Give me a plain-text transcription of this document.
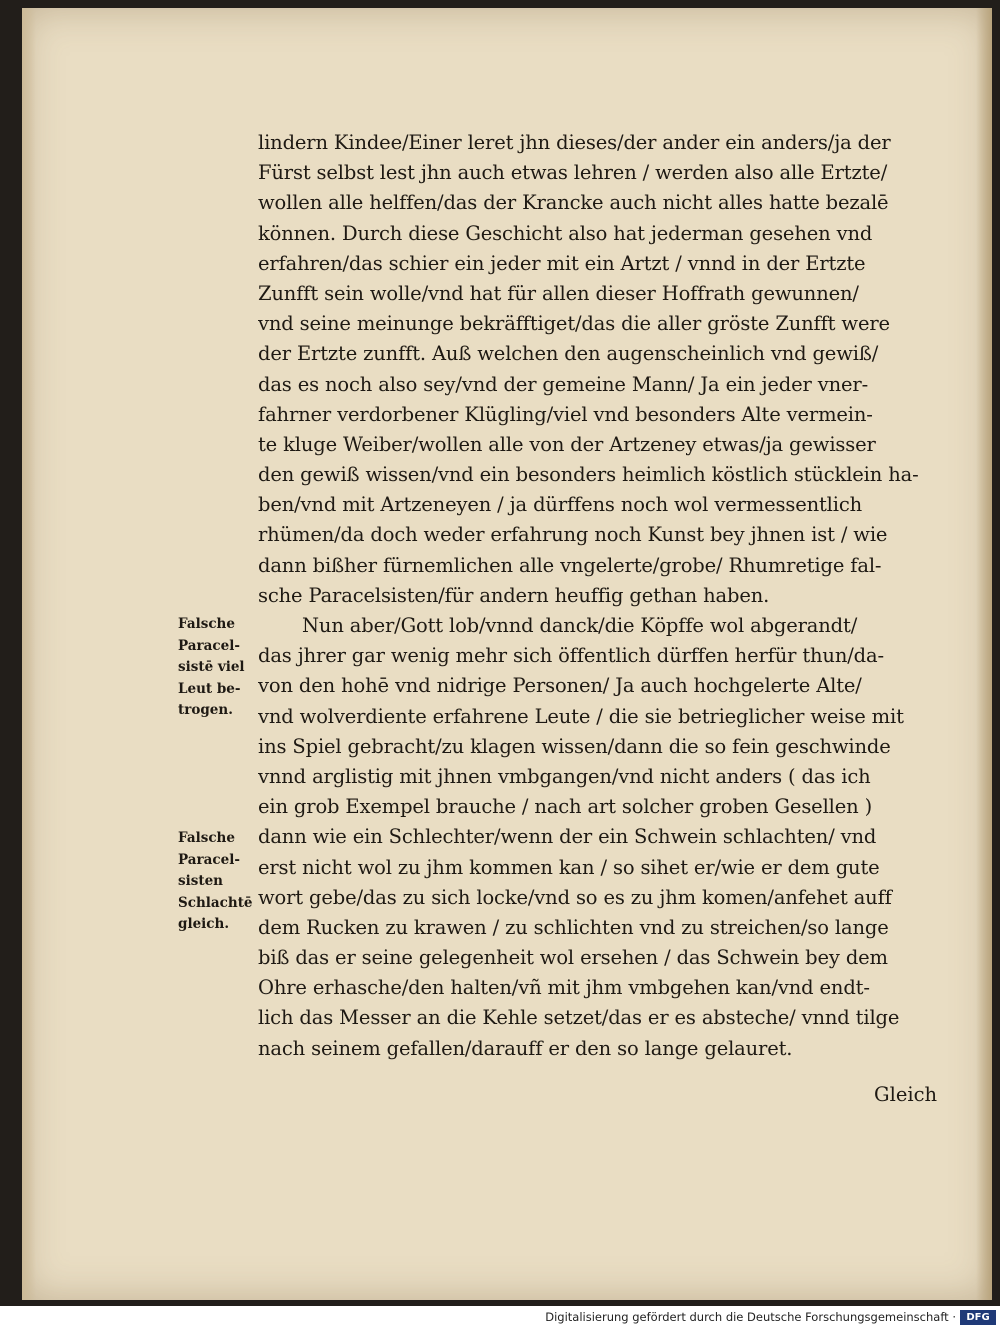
lindern Kindee/Einer leret jhn dieses/der ander ein anders/ja der
Fürst selbst lest jhn auch etwas lehren / werden also alle Ertzte/
wollen alle helffen/das der Krancke auch nicht alles hatte bezalē
können. Durch diese Geschicht also hat jederman gesehen vnd
erfahren/das schier ein jeder mit ein Artzt / vnnd in der Ertzte
Zunfft sein wolle/vnd hat für allen dieser Hoffrath gewunnen/
vnd seine meinunge bekräfftiget/das die aller gröste Zunfft were
der Ertzte zunfft. Auß welchen den augenscheinlich vnd gewiß/
das es noch also sey/vnd der gemeine Mann/ Ja ein jeder vner-
fahrner verdorbener Klügling/viel vnd besonders Alte vermein-
te kluge Weiber/wollen alle von der Artzeney etwas/ja gewisser
den gewiß wissen/vnd ein besonders heimlich köstlich stücklein ha-
ben/vnd mit Artzeneyen / ja dürffens noch wol vermessentlich
rhümen/da doch weder erfahrung noch Kunst bey jhnen ist / wie
dann bißher fürnemlichen alle vngelerte/grobe/ Rhumretige fal-
sche Paracelsisten/für andern heuffig gethan haben.
Nun aber/Gott lob/vnnd danck/die Köpffe wol abgerandt/
das jhrer gar wenig mehr sich öffentlich dürffen herfür thun/da-
von den hohē vnd nidrige Personen/ Ja auch hochgelerte Alte/
vnd wolverdiente erfahrene Leute / die sie betrieglicher weise mit
ins Spiel gebracht/zu klagen wissen/dann die so fein geschwinde
vnnd arglistig mit jhnen vmbgangen/vnd nicht anders ( das ich
ein grob Exempel brauche / nach art solcher groben Gesellen )
dann wie ein Schlechter/wenn der ein Schwein schlachten/ vnd
erst nicht wol zu jhm kommen kan / so sihet er/wie er dem gute
wort gebe/das zu sich locke/vnd so es zu jhm komen/anfehet auff
dem Rucken zu krawen / zu schlichten vnd zu streichen/so lange
biß das er seine gelegenheit wol ersehen / das Schwein bey dem
Ohre erhasche/den halten/vñ mit jhm vmbgehen kan/vnd endt-
lich das Messer an die Kehle setzet/das er es absteche/ vnnd tilge
nach seinem gefallen/darauff er den so lange gelauret.
Gleich
Falsche
Paracel-
sistē viel
Leut be-
trogen.
Falsche
Paracel-
sisten
Schlachtē
gleich.
Digitalisierung gefördert durch die Deutsche Forschungsgemeinschaft ·	DFG
